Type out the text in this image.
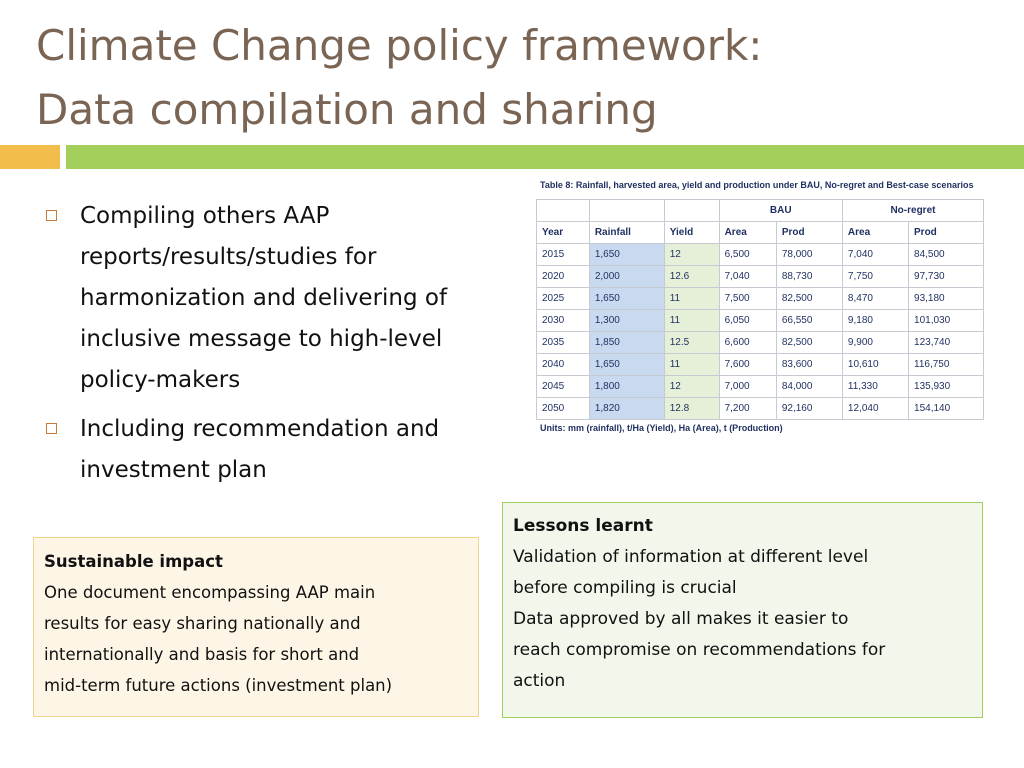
Climate Change policy framework:
Data compilation and sharing
Compiling others AAP reports/results/studies for harmonization and delivering of inclusive message to high-level policy-makers
Including recommendation and investment plan
Table 8: Rainfall, harvested area, yield and production under BAU, No-regret and Best-case scenarios
			BAU		No-regret	
Year	Rainfall	Yield	Area	Prod	Area	Prod
2015	1,650	12	6,500	78,000	7,040	84,500
2020	2,000	12.6	7,040	88,730	7,750	97,730
2025	1,650	11	7,500	82,500	8,470	93,180
2030	1,300	11	6,050	66,550	9,180	101,030
2035	1,850	12.5	6,600	82,500	9,900	123,740
2040	1,650	11	7,600	83,600	10,610	116,750
2045	1,800	12	7,000	84,000	11,330	135,930
2050	1,820	12.8	7,200	92,160	12,040	154,140
Units: mm (rainfall), t/Ha (Yield), Ha (Area), t (Production)
Sustainable impact
One document encompassing AAP main
results for easy sharing nationally and
internationally and basis for short and
mid-term future actions (investment plan)
Lessons learnt
Validation of information at different level
before compiling is crucial
Data approved by all makes it easier to
reach compromise on recommendations for
action
